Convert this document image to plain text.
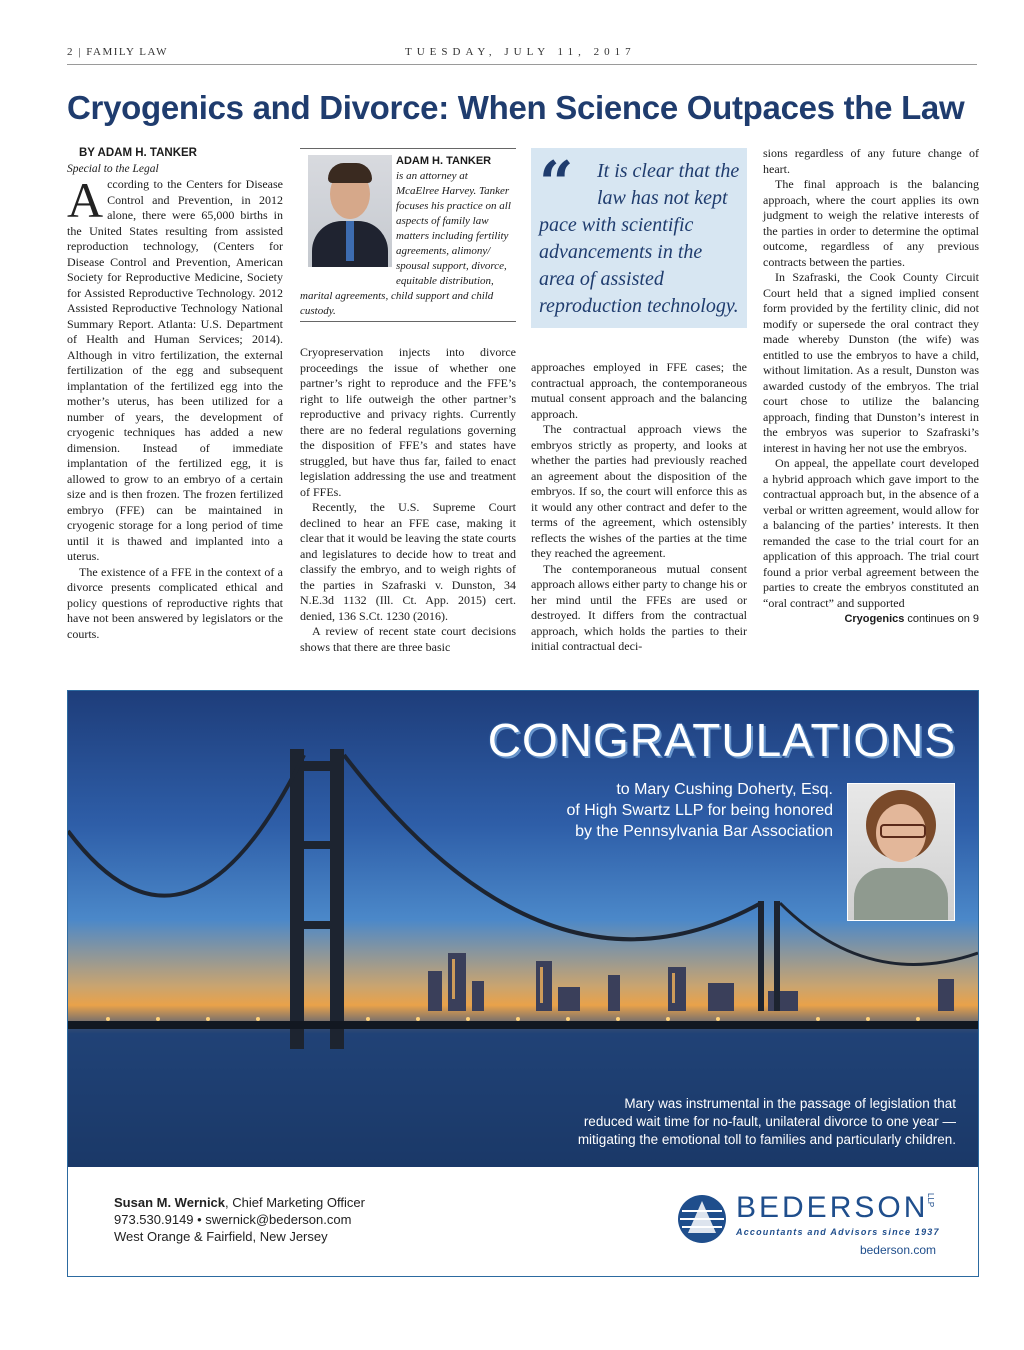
2 | FAMILY LAW	TUESDAY, JULY 11, 2017
Cryogenics and Divorce: When Science Outpaces the Law

BY ADAM H. TANKER

Special to the Legal

According to the Centers for Disease Control and Prevention, in 2012 alone, there were 65,000 births in the United States resulting from assisted reproduction technology, (Centers for Disease Control and Prevention, American Society for Reproductive Medicine, Society for Assisted Reproductive Technology. 2012 Assisted Reproductive Technology National Summary Report. Atlanta: U.S. Department of Health and Human Services; 2014). Although in vitro fertilization, the external fertilization of the egg and subsequent implantation of the fertilized egg into the mother’s uterus, has been utilized for a number of years, the development of cryogenic techniques has added a new dimension. Instead of immediate implantation of the fertilized egg, it is allowed to grow to an embryo of a certain size and is then frozen. The frozen fertilized embryo (FFE) can be maintained in cryogenic storage for a long period of time until it is thawed and implanted into a uterus.

The existence of a FFE in the context of a divorce presents complicated ethical and policy questions of reproductive rights that have not been answered by legislators or the courts.

ADAM H. TANKER
is an attorney at McaElree Harvey. Tanker focuses his practice on all aspects of family law matters including fertility agreements, alimony/ spousal support, divorce, equitable distribution, marital agreements, child support and child custody.
“	It is clear that the law has not kept pace with scientific advancements in the area of assisted reproduction technology.

Cryopreservation injects into divorce proceedings the issue of whether one partner’s right to reproduce and the FFE’s right to life outweigh the other partner’s reproductive and privacy rights. Currently there are no federal regulations governing the disposition of FFE’s and states have struggled, but have thus far, failed to enact legislation addressing the use and treatment of FFEs.

Recently, the U.S. Supreme Court declined to hear an FFE case, making it clear that it would be leaving the state courts and legislatures to decide how to treat and classify the embryo, and to weigh rights of the parties in Szafraski v. Dunston, 34 N.E.3d 1132 (Ill. Ct. App. 2015) cert. denied, 136 S.Ct. 1230 (2016).

A review of recent state court decisions shows that there are three basic

approaches employed in FFE cases; the contractual approach, the contemporaneous mutual consent approach and the balancing approach.

The contractual approach views the embryos strictly as property, and looks at whether the parties had previously reached an agreement about the disposition of the embryos. If so, the court will enforce this as it would any other contract and defer to the terms of the agreement, which ostensibly reflects the wishes of the parties at the time they reached the agreement.

The contemporaneous mutual consent approach allows either party to change his or her mind until the FFEs are used or destroyed. It differs from the contractual approach, which holds the parties to their initial contractual deci-

sions regardless of any future change of heart.

The final approach is the balancing approach, where the court applies its own judgment to weigh the relative interests of the parties in order to determine the optimal outcome, regardless of any previous contracts between the parties.

In Szafraski, the Cook County Circuit Court held that a signed implied consent form provided by the fertility clinic, did not modify or supersede the oral contract they made whereby Dunston (the wife) was entitled to use the embryos to have a child, without limitation. As a result, Dunston was awarded custody of the embryos. The trial court chose to utilize the balancing approach, finding that Dunston’s interest in the embryos was superior to Szafraski’s interest in having her not use the embryos.

On appeal, the appellate court developed a hybrid approach which gave import to the contractual approach but, in the absence of a verbal or written agreement, would allow for a balancing of the parties’ interests. It then remanded the case to the trial court for an application of this approach. The trial court found a prior verbal agreement between the parties to create the embryos constituted an “oral contract” and supported

Cryogenics continues on 9
CONGRATULATIONS
to Mary Cushing Doherty, Esq.
of High Swartz LLP for being honored
by the Pennsylvania Bar Association
Mary was instrumental in the passage of legislation that
reduced wait time for no-fault, unilateral divorce to one year —
mitigating the emotional toll to families and particularly children.
Susan M. Wernick, Chief Marketing Officer
973.530.9149 • swernick@bederson.com
West Orange & Fairfield, New Jersey
BEDERSON
LLP
Accountants and Advisors since 1937
bederson.com
